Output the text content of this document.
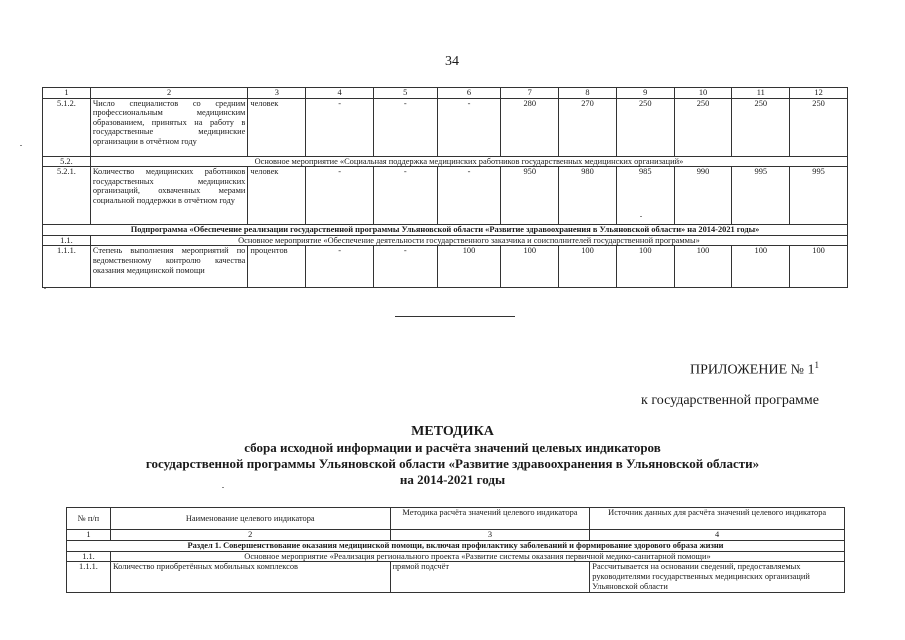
34
1	2	3	4	5	6	7	8	9	10	11	12
5.1.2.	Число специалистов со средним профессиональным медицинским образованием, принятых на работу в государственные медицинские организации в отчётном году	человек	-	-	-	280	270	250	250	250	250
5.2.	Основное мероприятие «Социальная поддержка медицинских работников государственных медицинских организаций»										
5.2.1.	Количество медицинских работников государственных медицинских организаций, охваченных мерами социальной поддержки в отчётном году	человек	-	-	-	950	980	985	990	995	995
Подпрограмма «Обеспечение реализации государственной программы Ульяновской области «Развитие здравоохранения в Ульяновской области» на 2014-2021 годы»											
1.1.	Основное мероприятие «Обеспечение деятельности государственного заказчика и соисполнителей государственной программы»										
1.1.1.	Степень выполнения мероприятий по ведомственному контролю качества оказания медицинской помощи	процентов	-	-	100	100	100	100	100	100	100
ПРИЛОЖЕНИЕ № $1^1$
к государственной программе
МЕТОДИКА
сбора исходной информации и расчёта значений целевых индикаторов
государственной программы Ульяновской области «Развитие здравоохранения в Ульяновской области»
на 2014-2021 годы
№ п/п	Наименование целевого индикатора	Методика расчёта значений целевого индикатора	Источник данных для расчёта значений целевого индикатора
1	2	3	4
Раздел 1. Совершенствование оказания медицинской помощи, включая профилактику заболеваний и формирование здорового образа жизни			
1.1.	Основное мероприятие «Реализация регионального проекта «Развитие системы оказания первичной медико-санитарной помощи»		
1.1.1.	Количество приобретённых мобильных комплексов	прямой подсчёт	Рассчитывается на основании сведений, предоставляемых руководителями государственных медицинских организаций Ульяновской области
